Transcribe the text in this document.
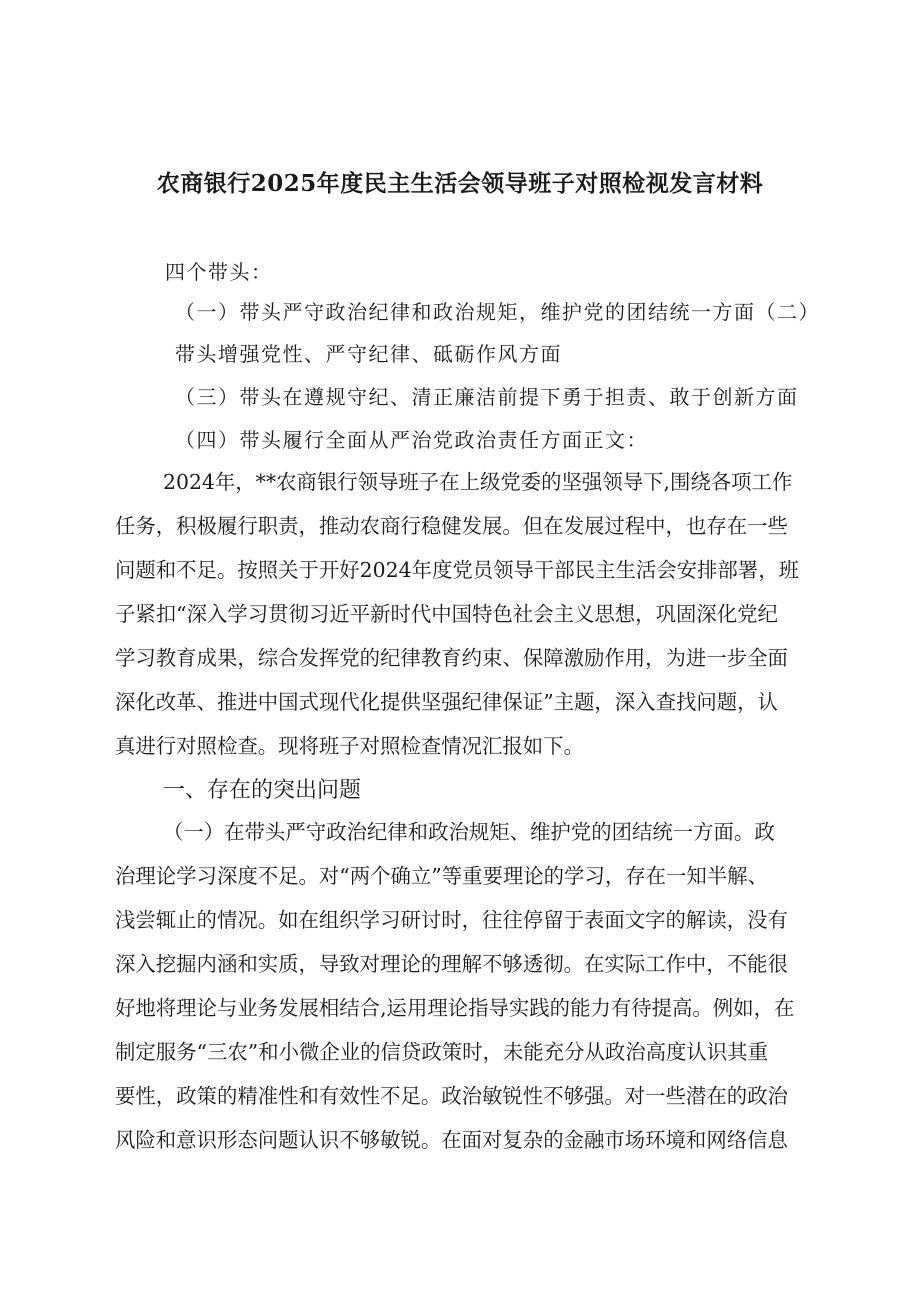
农商银行2025年度民主生活会领导班子对照检视发言材料
四个带头：
（一）带头严守政治纪律和政治规矩，维护党的团结统一方面（二）
带头增强党性、严守纪律、砥砺作风方面
（三）带头在遵规守纪、清正廉洁前提下勇于担责、敢于创新方面
（四）带头履行全面从严治党政治责任方面正文：
2024年，**农商银行领导班子在上级党委的坚强领导下,围绕各项工作
任务，积极履行职责，推动农商行稳健发展。但在发展过程中，也存在一些
问题和不足。按照关于开好2024年度党员领导干部民主生活会安排部署，班
子紧扣“深入学习贯彻习近平新时代中国特色社会主义思想，巩固深化党纪
学习教育成果，综合发挥党的纪律教育约束、保障激励作用，为进一步全面
深化改革、推进中国式现代化提供坚强纪律保证”主题，深入查找问题，认
真进行对照检查。现将班子对照检查情况汇报如下。
一、存在的突出问题
（一）在带头严守政治纪律和政治规矩、维护党的团结统一方面。政
治理论学习深度不足。对“两个确立”等重要理论的学习，存在一知半解、
浅尝辄止的情况。如在组织学习研讨时，往往停留于表面文字的解读，没有
深入挖掘内涵和实质，导致对理论的理解不够透彻。在实际工作中，不能很
好地将理论与业务发展相结合,运用理论指导实践的能力有待提高。例如，在
制定服务“三农”和小微企业的信贷政策时，未能充分从政治高度认识其重
要性，政策的精准性和有效性不足。政治敏锐性不够强。对一些潜在的政治
风险和意识形态问题认识不够敏锐。在面对复杂的金融市场环境和网络信息
